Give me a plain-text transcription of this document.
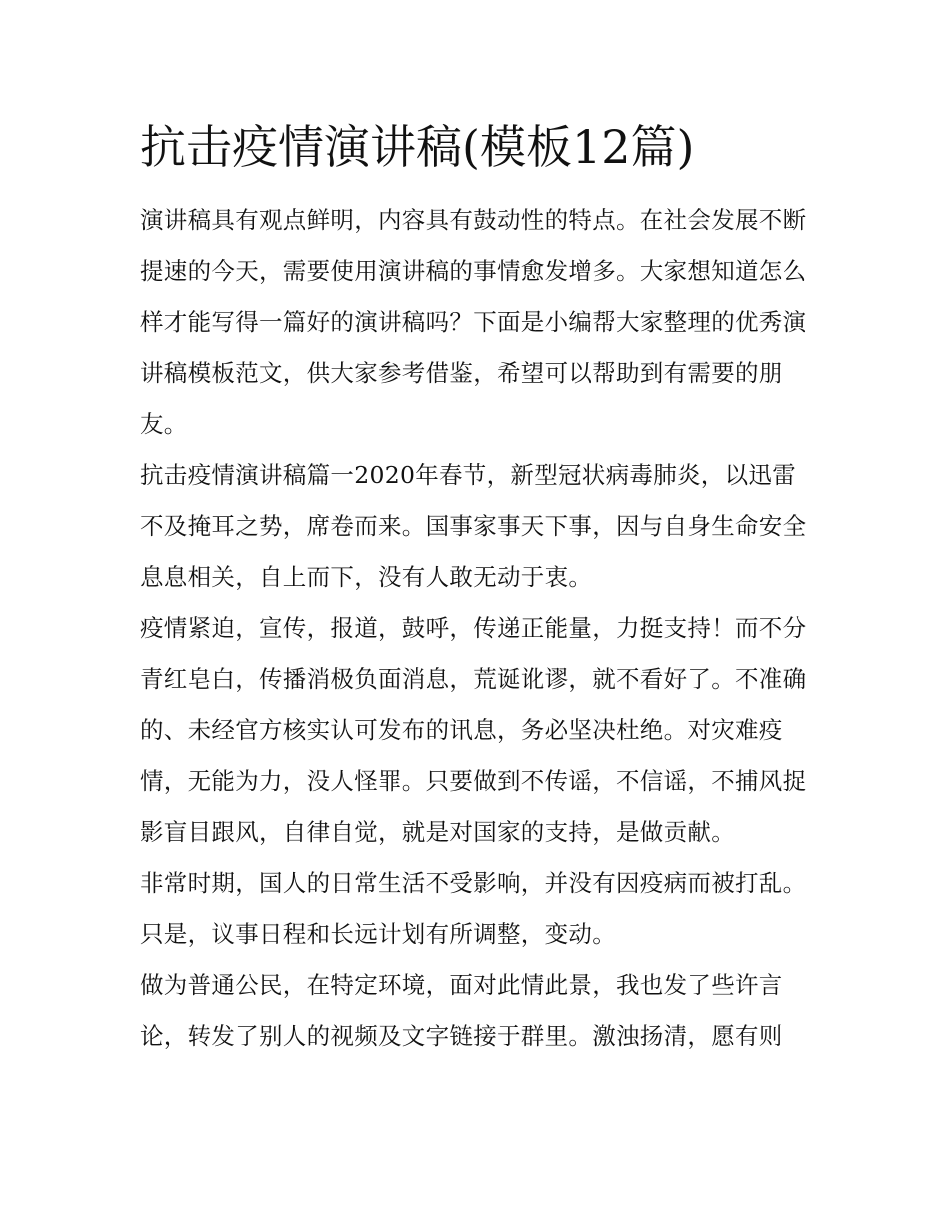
抗击疫情演讲稿(模板12篇)

演讲稿具有观点鲜明，内容具有鼓动性的特点。在社会发展不断提速的今天，需要使用演讲稿的事情愈发增多。大家想知道怎么样才能写得一篇好的演讲稿吗？下面是小编帮大家整理的优秀演讲稿模板范文，供大家参考借鉴，希望可以帮助到有需要的朋友。

抗击疫情演讲稿篇一2020年春节，新型冠状病毒肺炎，以迅雷不及掩耳之势，席卷而来。国事家事天下事，因与自身生命安全息息相关，自上而下，没有人敢无动于衷。

疫情紧迫，宣传，报道，鼓呼，传递正能量，力挺支持！而不分青红皂白，传播消极负面消息，荒诞讹谬，就不看好了。不准确的、未经官方核实认可发布的讯息，务必坚决杜绝。对灾难疫情，无能为力，没人怪罪。只要做到不传谣，不信谣，不捕风捉影盲目跟风，自律自觉，就是对国家的支持，是做贡献。

非常时期，国人的日常生活不受影响，并没有因疫病而被打乱。只是，议事日程和长远计划有所调整，变动。

做为普通公民，在特定环境，面对此情此景，我也发了些许言论，转发了别人的视频及文字链接于群里。激浊扬清，愿有则
